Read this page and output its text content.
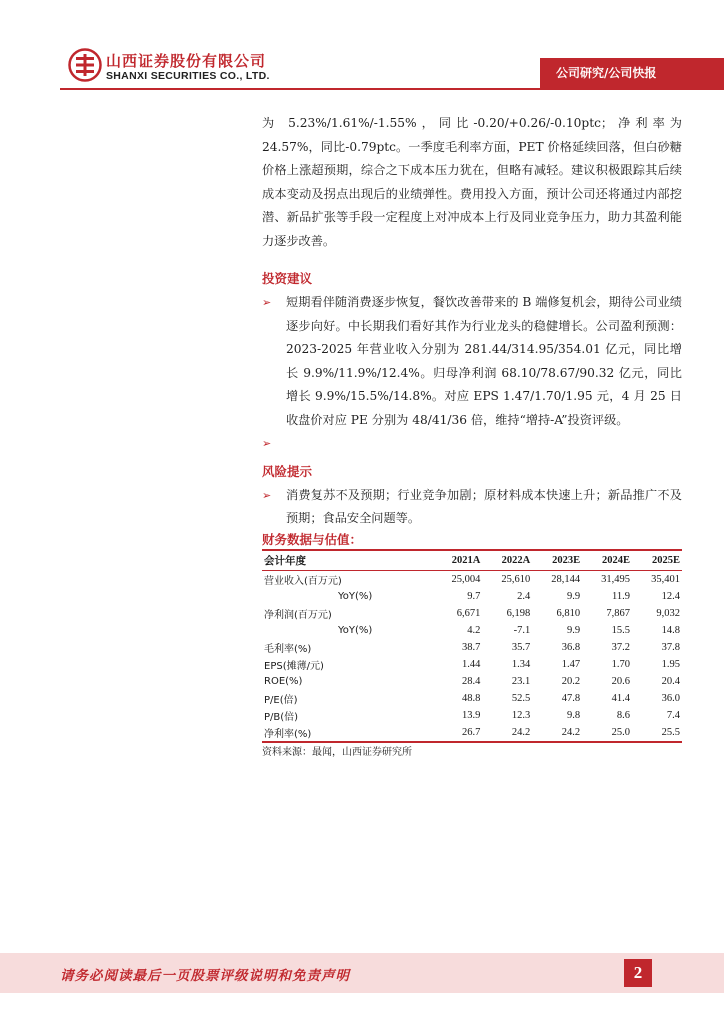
山西证券股份有限公司
SHANXI SECURITIES CO., LTD.	公司研究/公司快报

为 5.23%/1.61%/-1.55%，同比-0.20/+0.26/-0.10ptc；净利率为 24.57%，同比-0.79ptc。一季度毛利率方面，PET 价格延续回落，但白砂糖价格上涨超预期，综合之下成本压力犹在，但略有减轻。建议积极跟踪其后续成本变动及拐点出现后的业绩弹性。费用投入方面，预计公司还将通过内部挖潜、新品扩张等手段一定程度上对冲成本上行及同业竞争压力，助力其盈利能力逐步改善。

投资建议
➢	短期看伴随消费逐步恢复，餐饮改善带来的 B 端修复机会，期待公司业绩逐步向好。中长期我们看好其作为行业龙头的稳健增长。公司盈利预测：2023-2025 年营业收入分别为 281.44/314.95/354.01 亿元，同比增长 9.9%/11.9%/12.4%。归母净利润 68.10/78.67/90.32 亿元，同比增长 9.9%/15.5%/14.8%。对应 EPS 1.47/1.70/1.95 元，4 月 25 日收盘价对应 PE 分别为 48/41/36 倍，维持“增持-A”投资评级。

➢

风险提示
➢	消费复苏不及预期；行业竞争加剧；原材料成本快速上升；新品推广不及预期；食品安全问题等。

财务数据与估值：
会计年度	2021A	2022A	2023E	2024E	2025E
营业收入(百万元)	25,004	25,610	28,144	31,495	35,401
YoY(%)	9.7	2.4	9.9	11.9	12.4
净利润(百万元)	6,671	6,198	6,810	7,867	9,032
YoY(%)	4.2	-7.1	9.9	15.5	14.8
毛利率(%)	38.7	35.7	36.8	37.2	37.8
EPS(摊薄/元)	1.44	1.34	1.47	1.70	1.95
ROE(%)	28.4	23.1	20.2	20.6	20.4
P/E(倍)	48.8	52.5	47.8	41.4	36.0
P/B(倍)	13.9	12.3	9.8	8.6	7.4
净利率(%)	26.7	24.2	24.2	25.0	25.5
资料来源：最闻，山西证券研究所
请务必阅读最后一页股票评级说明和免责声明	2
